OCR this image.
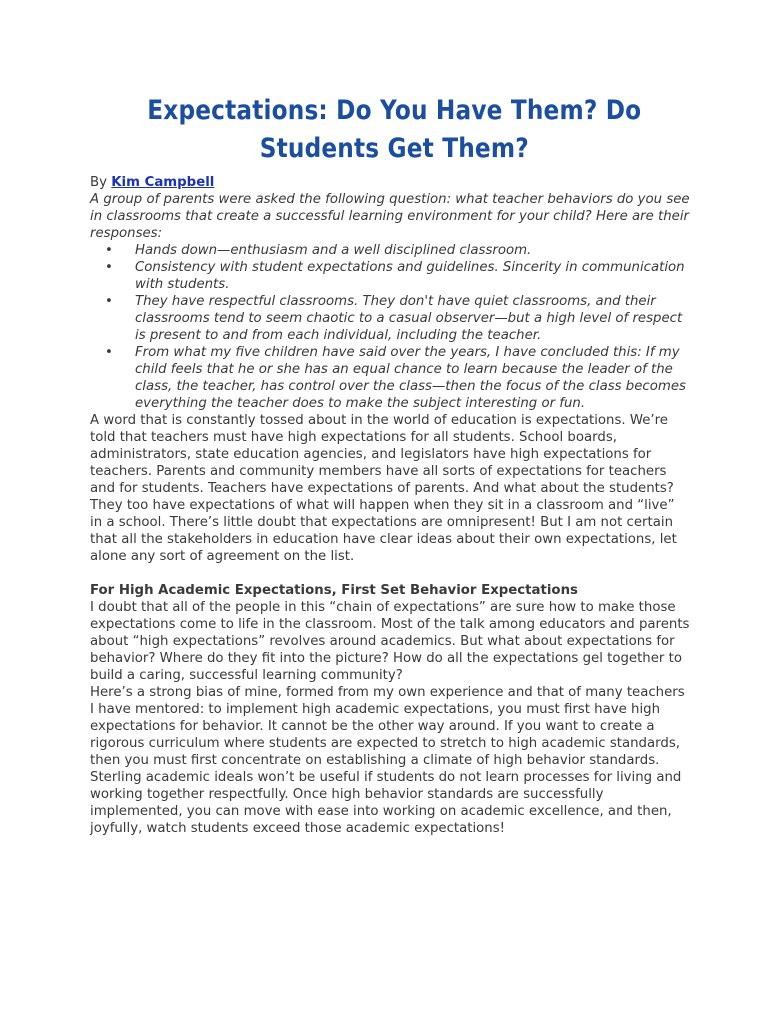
Expectations: Do You Have Them? Do Students Get Them?

By Kim Campbell

A group of parents were asked the following question: what teacher behaviors do you see in classrooms that create a successful learning environment for your child? Here are their responses:

• Hands down—enthusiasm and a well disciplined classroom.
• Consistency with student expectations and guidelines. Sincerity in communication with students.
• They have respectful classrooms. They don't have quiet classrooms, and their classrooms tend to seem chaotic to a casual observer—but a high level of respect is present to and from each individual, including the teacher.
• From what my five children have said over the years, I have concluded this: If my child feels that he or she has an equal chance to learn because the leader of the class, the teacher, has control over the class—then the focus of the class becomes everything the teacher does to make the subject interesting or fun.

A word that is constantly tossed about in the world of education is expectations. We’re told that teachers must have high expectations for all students. School boards, administrators, state education agencies, and legislators have high expectations for teachers. Parents and community members have all sorts of expectations for teachers and for students. Teachers have expectations of parents. And what about the students? They too have expectations of what will happen when they sit in a classroom and “live” in a school. There’s little doubt that expectations are omnipresent! But I am not certain that all the stakeholders in education have clear ideas about their own expectations, let alone any sort of agreement on the list.

For High Academic Expectations, First Set Behavior Expectations

I doubt that all of the people in this “chain of expectations” are sure how to make those expectations come to life in the classroom. Most of the talk among educators and parents about “high expectations” revolves around academics. But what about expectations for behavior? Where do they fit into the picture? How do all the expectations gel together to build a caring, successful learning community?

Here’s a strong bias of mine, formed from my own experience and that of many teachers I have mentored: to implement high academic expectations, you must first have high expectations for behavior. It cannot be the other way around. If you want to create a rigorous curriculum where students are expected to stretch to high academic standards, then you must first concentrate on establishing a climate of high behavior standards. Sterling academic ideals won’t be useful if students do not learn processes for living and working together respectfully. Once high behavior standards are successfully implemented, you can move with ease into working on academic excellence, and then, joyfully, watch students exceed those academic expectations!
